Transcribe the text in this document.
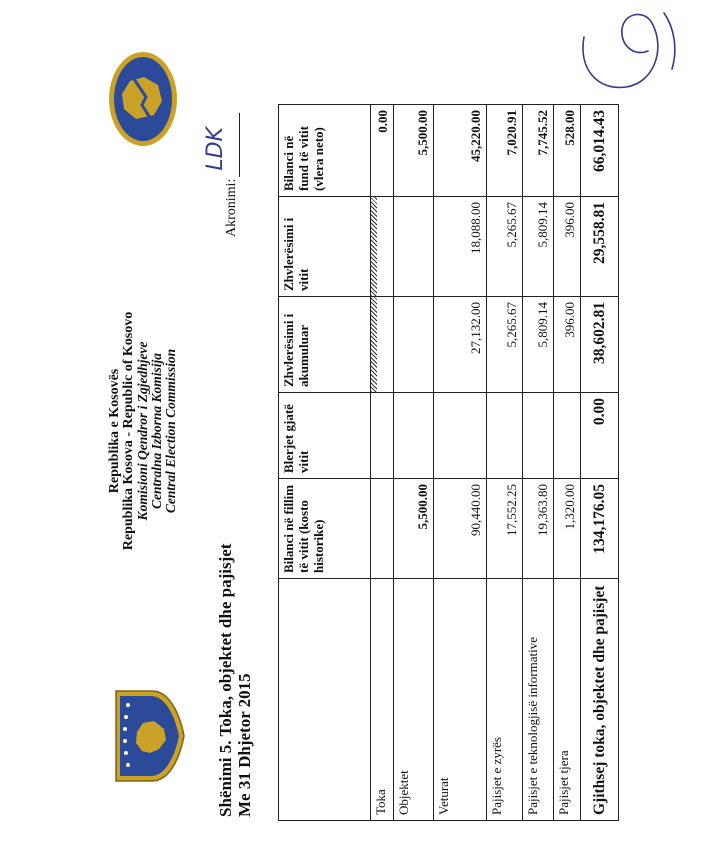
Republika e Kosovës Republika Kosova - Republic of Kosovo Komisioni Qendror i Zgjedhjeve Centralna Izborna Komisija Central Election Commission
Shënimi 5. Toka, objektet dhe pajisjet Me 31 Dhjetor 2015
Akronimi:
LDK
	Bilanci në fillim të vitit (kosto historike)	Blerjet gjatë vitit	Zhvlerësimi i akumuluar	Zhvlerësimi i vitit	Bilanci në fund të vitit (vlera neto)
Toka					0.00
Objektet	5,500.00				5,500.00
Veturat	90,440.00		27,132.00	18,088.00	45,220.00
Pajisjet e zyrës	17,552.25		5,265.67	5,265.67	7,020.91
Pajisjet e teknologjisë informative	19,363.80		5,809.14	5,809.14	7,745.52
Pajisjet tjera	1,320.00		396.00	396.00	528.00
Gjithsej toka, objektet dhe pajisjet	134,176.05	0.00	38,602.81	29,558.81	66,014.43
